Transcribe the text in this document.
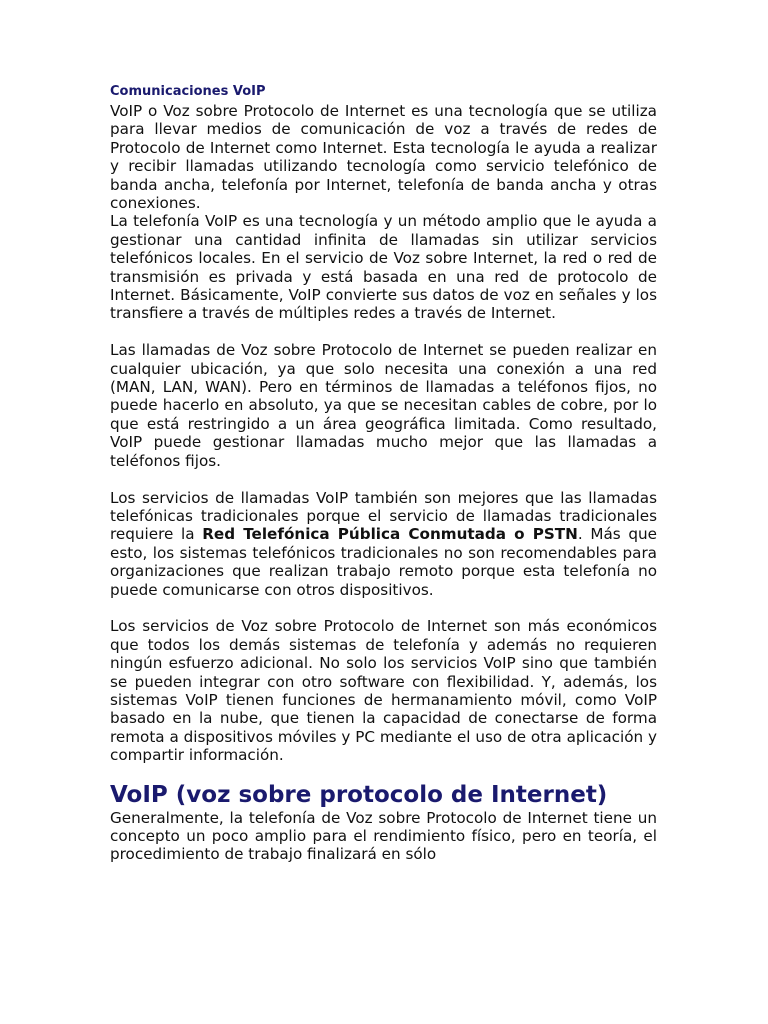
Comunicaciones VoIP

VoIP o Voz sobre Protocolo de Internet es una tecnología que se utiliza para llevar medios de comunicación de voz a través de redes de Protocolo de Internet como Internet. Esta tecnología le ayuda a realizar y recibir llamadas utilizando tecnología como servicio telefónico de banda ancha, telefonía por Internet, telefonía de banda ancha y otras conexiones.

La telefonía VoIP es una tecnología y un método amplio que le ayuda a gestionar una cantidad infinita de llamadas sin utilizar servicios telefónicos locales. En el servicio de Voz sobre Internet, la red o red de transmisión es privada y está basada en una red de protocolo de Internet. Básicamente, VoIP convierte sus datos de voz en señales y los transfiere a través de múltiples redes a través de Internet.

Las llamadas de Voz sobre Protocolo de Internet se pueden realizar en cualquier ubicación, ya que solo necesita una conexión a una red (MAN, LAN, WAN). Pero en términos de llamadas a teléfonos fijos, no puede hacerlo en absoluto, ya que se necesitan cables de cobre, por lo que está restringido a un área geográfica limitada. Como resultado, VoIP puede gestionar llamadas mucho mejor que las llamadas a teléfonos fijos.

Los servicios de llamadas VoIP también son mejores que las llamadas telefónicas tradicionales porque el servicio de llamadas tradicionales requiere la Red Telefónica Pública Conmutada o PSTN. Más que esto, los sistemas telefónicos tradicionales no son recomendables para organizaciones que realizan trabajo remoto porque esta telefonía no puede comunicarse con otros dispositivos.

Los servicios de Voz sobre Protocolo de Internet son más económicos que todos los demás sistemas de telefonía y además no requieren ningún esfuerzo adicional. No solo los servicios VoIP sino que también se pueden integrar con otro software con flexibilidad. Y, además, los sistemas VoIP tienen funciones de hermanamiento móvil, como VoIP basado en la nube, que tienen la capacidad de conectarse de forma remota a dispositivos móviles y PC mediante el uso de otra aplicación y compartir información.

VoIP (voz sobre protocolo de Internet)

Generalmente, la telefonía de Voz sobre Protocolo de Internet tiene un concepto un poco amplio para el rendimiento físico, pero en teoría, el procedimiento de trabajo finalizará en sólo
